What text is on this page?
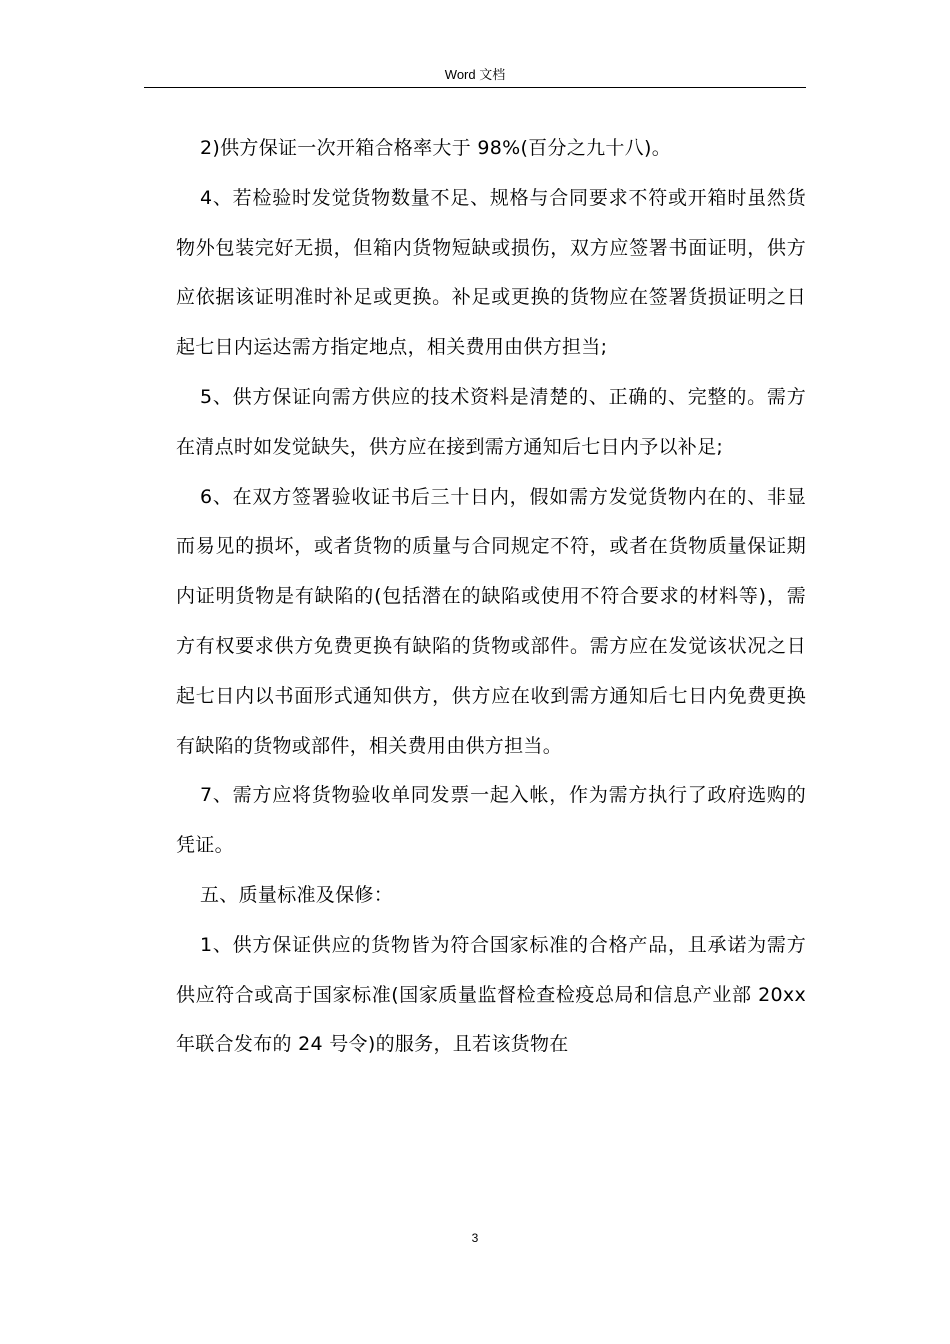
Word 文档

2)供方保证一次开箱合格率大于 98%(百分之九十八)。

4、若检验时发觉货物数量不足、规格与合同要求不符或开箱时虽然货物外包装完好无损，但箱内货物短缺或损伤，双方应签署书面证明，供方应依据该证明准时补足或更换。补足或更换的货物应在签署货损证明之日起七日内运达需方指定地点，相关费用由供方担当;

5、供方保证向需方供应的技术资料是清楚的、正确的、完整的。需方在清点时如发觉缺失，供方应在接到需方通知后七日内予以补足;

6、在双方签署验收证书后三十日内，假如需方发觉货物内在的、非显而易见的损坏，或者货物的质量与合同规定不符，或者在货物质量保证期内证明货物是有缺陷的(包括潜在的缺陷或使用不符合要求的材料等)，需方有权要求供方免费更换有缺陷的货物或部件。需方应在发觉该状况之日起七日内以书面形式通知供方，供方应在收到需方通知后七日内免费更换有缺陷的货物或部件，相关费用由供方担当。

7、需方应将货物验收单同发票一起入帐，作为需方执行了政府选购的凭证。

五、质量标准及保修：

1、供方保证供应的货物皆为符合国家标准的合格产品，且承诺为需方供应符合或高于国家标准(国家质量监督检查检疫总局和信息产业部 20xx 年联合发布的 24 号令)的服务，且若该货物在

3
